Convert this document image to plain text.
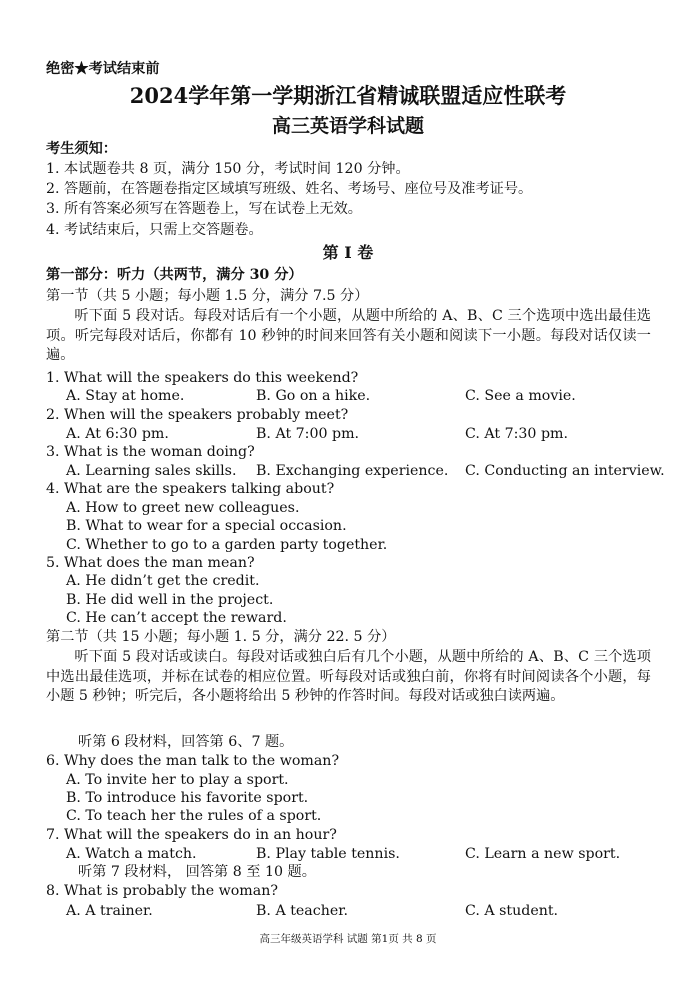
绝密★考试结束前
2024学年第一学期浙江省精诚联盟适应性联考
高三英语学科试题
考生须知：
1. 本试题卷共 8 页，满分 150 分，考试时间 120 分钟。
2. 答题前，在答题卷指定区域填写班级、姓名、考场号、座位号及准考证号。
3. 所有答案必须写在答题卷上，写在试卷上无效。
4. 考试结束后，只需上交答题卷。
第 I 卷
第一部分：听力（共两节，满分 30 分）
第一节（共 5 小题；每小题 1.5 分，满分 7.5 分）
听下面 5 段对话。每段对话后有一个小题，从题中所给的 A、B、C 三个选项中选出最佳选项。听完每段对话后，你都有 10 秒钟的时间来回答有关小题和阅读下一小题。每段对话仅读一遍。
1. What will the speakers do this weekend?
A. Stay at home.	B. Go on a hike.	C. See a movie.
2. When will the speakers probably meet?
A. At 6:30 pm.	B. At 7:00 pm.	C. At 7:30 pm.
3. What is the woman doing?
A. Learning sales skills. B. Exchanging experience. C. Conducting an interview.
4. What are the speakers talking about?
A. How to greet new colleagues.
B. What to wear for a special occasion.
C. Whether to go to a garden party together.
5. What does the man mean?
A. He didn’t get the credit.
B. He did well in the project.
C. He can’t accept the reward.
第二节（共 15 小题；每小题 1. 5 分，满分 22. 5 分）
听下面 5 段对话或读白。每段对话或独白后有几个小题，从题中所给的 A、B、C 三个选项中选出最佳选项，并标在试卷的相应位置。听每段对话或独白前，你将有时间阅读各个小题，每小题 5 秒钟；听完后，各小题将给出 5 秒钟的作答时间。每段对话或独白读两遍。
听第 6 段材料，回答第 6、7 题。
6. Why does the man talk to the woman?
A. To invite her to play a sport.
B. To introduce his favorite sport.
C. To teach her the rules of a sport.
7. What will the speakers do in an hour?
A. Watch a match.	B. Play table tennis.	C. Learn a new sport.
听第 7 段材料， 回答第 8 至 10 题。
8. What is probably the woman?
A. A trainer.	B. A teacher.	C. A student.
高三年级英语学科 试题 第1页 共 8 页
